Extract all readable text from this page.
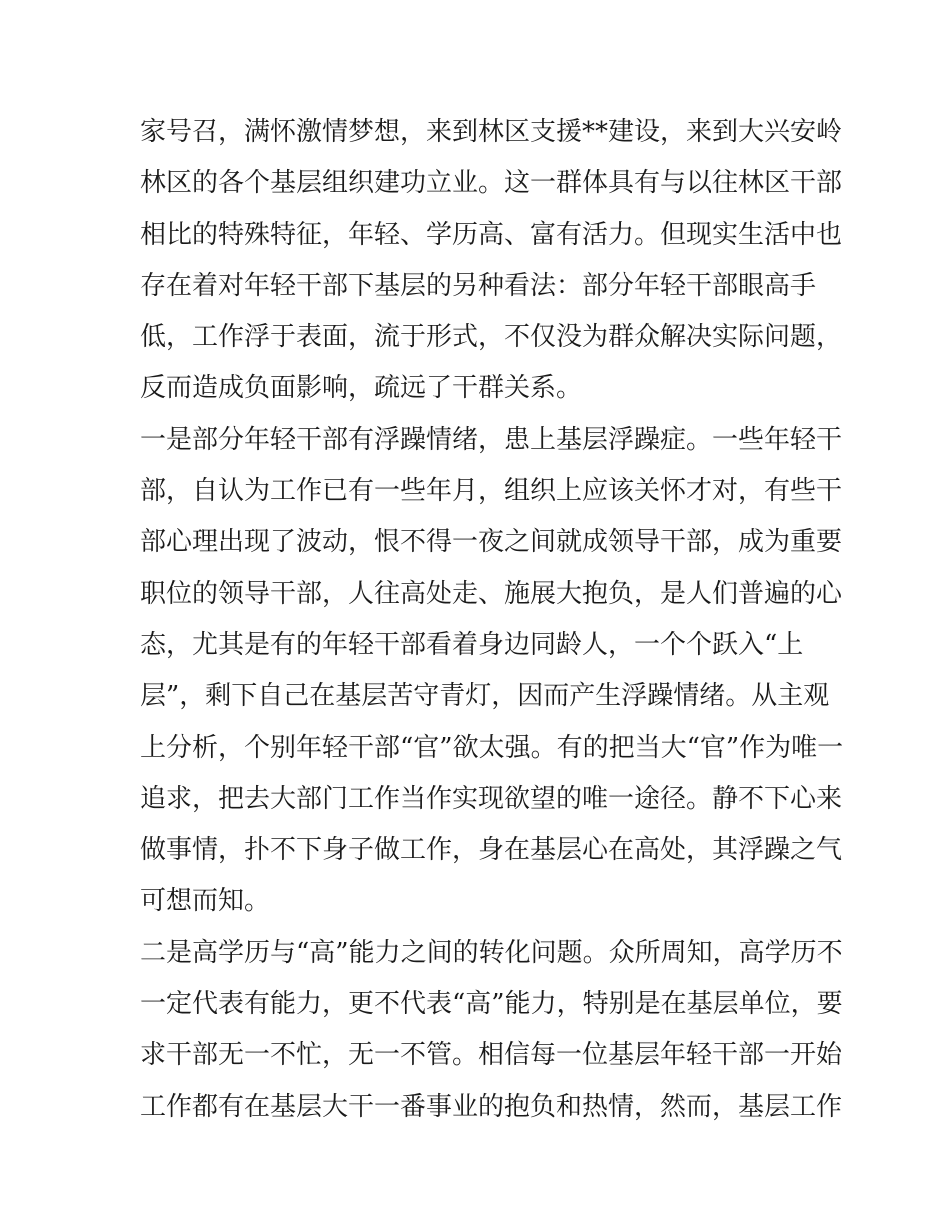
家号召，满怀激情梦想，来到林区支援**建设，来到大兴安岭
林区的各个基层组织建功立业。这一群体具有与以往林区干部
相比的特殊特征，年轻、学历高、富有活力。但现实生活中也
存在着对年轻干部下基层的另种看法：部分年轻干部眼高手
低，工作浮于表面，流于形式，不仅没为群众解决实际问题，
反而造成负面影响，疏远了干群关系。
一是部分年轻干部有浮躁情绪，患上基层浮躁症。一些年轻干
部，自认为工作已有一些年月，组织上应该关怀才对，有些干
部心理出现了波动，恨不得一夜之间就成领导干部，成为重要
职位的领导干部，人往高处走、施展大抱负，是人们普遍的心
态，尤其是有的年轻干部看着身边同龄人，一个个跃入“上
层”，剩下自己在基层苦守青灯，因而产生浮躁情绪。从主观
上分析，个别年轻干部“官”欲太强。有的把当大“官”作为唯一
追求，把去大部门工作当作实现欲望的唯一途径。静不下心来
做事情，扑不下身子做工作，身在基层心在高处，其浮躁之气
可想而知。
二是高学历与“高”能力之间的转化问题。众所周知，高学历不
一定代表有能力，更不代表“高”能力，特别是在基层单位，要
求干部无一不忙，无一不管。相信每一位基层年轻干部一开始
工作都有在基层大干一番事业的抱负和热情，然而，基层工作
